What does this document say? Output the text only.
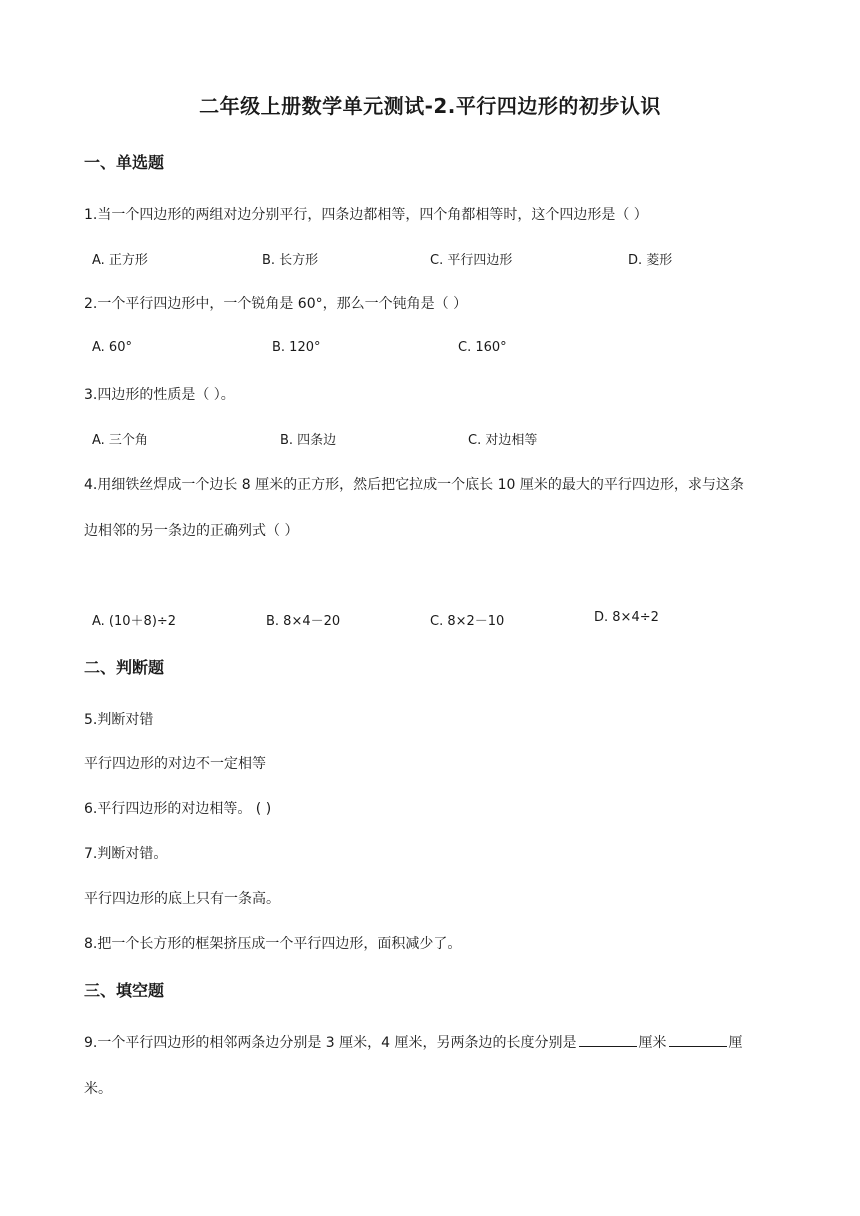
二年级上册数学单元测试-2.平行四边形的初步认识
一、单选题
1.当一个四边形的两组对边分别平行，四条边都相等，四个角都相等时，这个四边形是（ ）
A. 正方形	B. 长方形	C. 平行四边形	D. 菱形
2.一个平行四边形中，一个锐角是 60°，那么一个钝角是（ ）
A. 60°	B. 120°	C. 160°
3.四边形的性质是（ ）。
A. 三个角	B. 四条边	C. 对边相等
4.用细铁丝焊成一个边长 8 厘米的正方形，然后把它拉成一个底长 10 厘米的最大的平行四边形，求与这条
边相邻的另一条边的正确列式（ ）
A. (10＋8)÷2	B. 8×4－20	C. 8×2－10	D. 8×4÷2
二、判断题
5.判断对错
平行四边形的对边不一定相等
6.平行四边形的对边相等。 ( )
7.判断对错。
平行四边形的底上只有一条高。
8.把一个长方形的框架挤压成一个平行四边形，面积减少了。
三、填空题
9.一个平行四边形的相邻两条边分别是 3 厘米，4 厘米，另两条边的长度分别是	厘米	厘
米。
